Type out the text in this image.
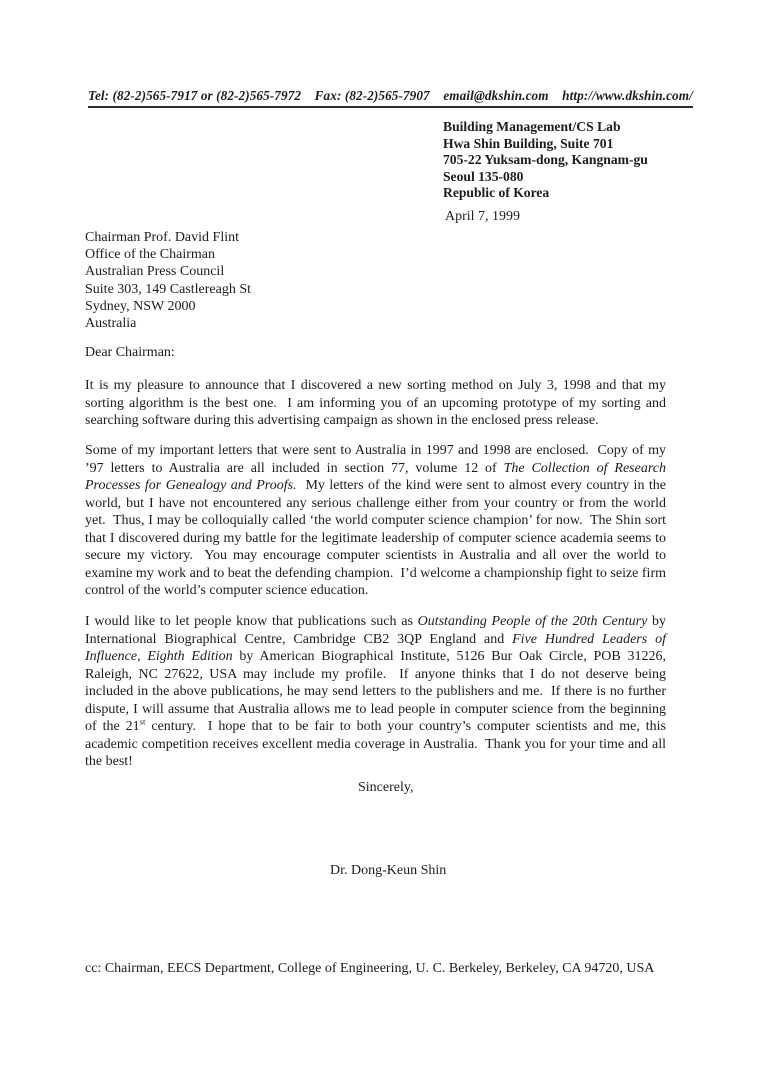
Tel: (82-2)565-7917 or (82-2)565-7972    Fax: (82-2)565-7907    email@dkshin.com    http://www.dkshin.com/
Building Management/CS Lab
Hwa Shin Building, Suite 701
705-22 Yuksam-dong, Kangnam-gu
Seoul 135-080
Republic of Korea
April 7, 1999
Chairman Prof. David Flint
Office of the Chairman
Australian Press Council
Suite 303, 149 Castlereagh St
Sydney, NSW 2000
Australia
Dear Chairman:
It is my pleasure to announce that I discovered a new sorting method on July 3, 1998 and that my sorting algorithm is the best one.  I am informing you of an upcoming prototype of my sorting and searching software during this advertising campaign as shown in the enclosed press release.
Some of my important letters that were sent to Australia in 1997 and 1998 are enclosed.  Copy of my ’97 letters to Australia are all included in section 77, volume 12 of The Collection of Research Processes for Genealogy and Proofs.  My letters of the kind were sent to almost every country in the world, but I have not encountered any serious challenge either from your country or from the world yet.  Thus, I may be colloquially called ‘the world computer science champion’ for now.  The Shin sort that I discovered during my battle for the legitimate leadership of computer science academia seems to secure my victory.  You may encourage computer scientists in Australia and all over the world to examine my work and to beat the defending champion.  I’d welcome a championship fight to seize firm control of the world’s computer science education.
I would like to let people know that publications such as Outstanding People of the 20th Century by International Biographical Centre, Cambridge CB2 3QP England and Five Hundred Leaders of Influence, Eighth Edition by American Biographical Institute, 5126 Bur Oak Circle, POB 31226, Raleigh, NC 27622, USA may include my profile.  If anyone thinks that I do not deserve being included in the above publications, he may send letters to the publishers and me.  If there is no further dispute, I will assume that Australia allows me to lead people in computer science from the beginning of the 21st century.  I hope that to be fair to both your country’s computer scientists and me, this academic competition receives excellent media coverage in Australia.  Thank you for your time and all the best!
Sincerely,
Dr. Dong-Keun Shin
cc: Chairman, EECS Department, College of Engineering, U. C. Berkeley, Berkeley, CA 94720, USA
